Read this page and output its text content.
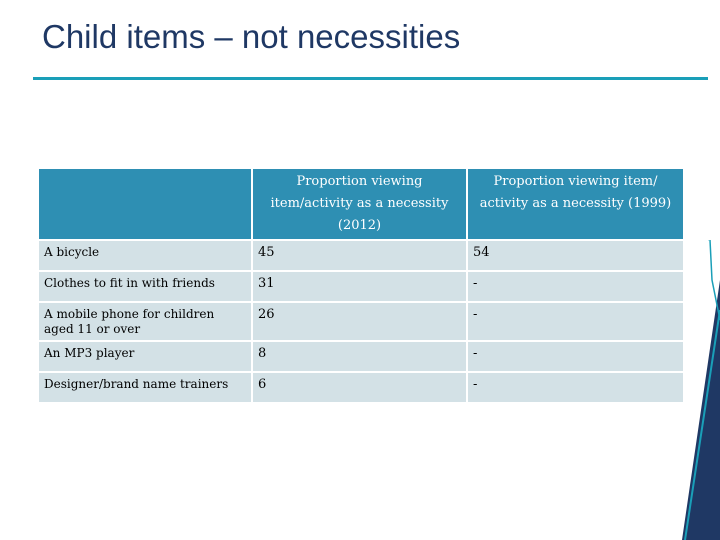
Child items – not necessities
	Proportion viewing item/activity as a necessity (2012)	Proportion viewing item/ activity as a necessity (1999)
A bicycle	45	54
Clothes to fit in with friends	31	-
A mobile phone for children aged 11 or over	26	-
An MP3 player	8	-
Designer/brand name trainers	6	-
